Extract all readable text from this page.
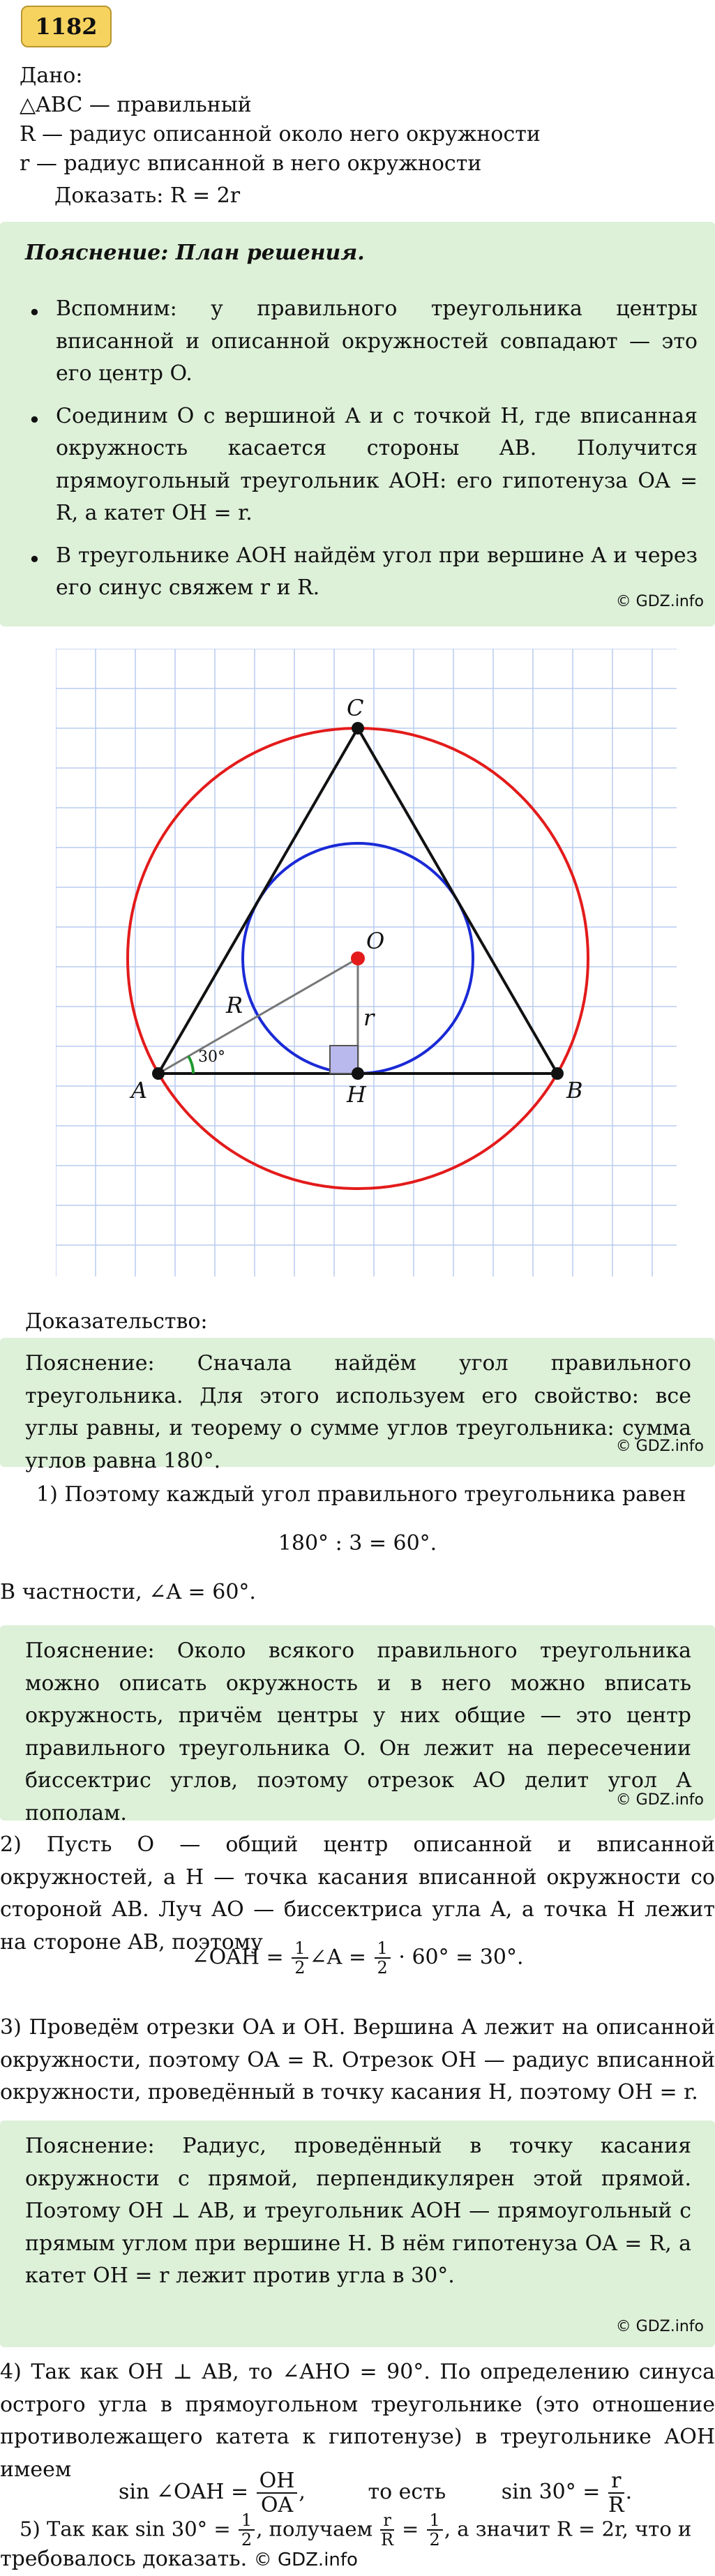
1182
Дано:
△ABC — правильный
R — радиус описанной около него окружности
r — радиус вписанной в него окружности
Доказать: R = 2r
Пояснение: План решения.
• Вспомним: у правильного треугольника центры вписанной и описанной окружностей совпадают — это его центр O.
• Соединим O с вершиной A и с точкой H, где вписанная окружность касается стороны AB. Получится прямоугольный треугольник AOH: его гипотенуза OA = R, а катет OH = r.
• В треугольнике AOH найдём угол при вершине A и через его синус свяжем r и R.
© GDZ.info
A	B
C
O
H
R	r
30°
Доказательство:
Пояснение: Сначала найдём угол правильного треугольника. Для этого используем его свойство: все углы равны, и теорему о сумме углов треугольника: сумма углов равна 180°.
© GDZ.info
1) Поэтому каждый угол правильного треугольника равен
180° : 3 = 60°.
В частности, ∠A = 60°.
Пояснение: Около всякого правильного треугольника можно описать окружность и в него можно вписать окружность, причём центры у них общие — это центр правильного треугольника O. Он лежит на пересечении биссектрис углов, поэтому отрезок AO делит угол A пополам.
© GDZ.info
2) Пусть O — общий центр описанной и вписанной окружностей, а H — точка касания вписанной окружности со стороной AB. Луч AO — биссектриса угла A, а точка H лежит на стороне AB, поэтому
∠OAH = $\frac{1}{2}$ ∠A = $\frac{1}{2} \cdot 60^\circ = 30^\circ$.
3) Проведём отрезки OA и OH. Вершина A лежит на описанной окружности, поэтому OA = R. Отрезок OH — радиус вписанной окружности, проведённый в точку касания H, поэтому OH = r.
Пояснение: Радиус, проведённый в точку касания окружности с прямой, перпендикулярен этой прямой. Поэтому OH ⊥ AB, и треугольник AOH — прямоугольный с прямым углом при вершине H. В нём гипотенуза OA = R, а катет OH = r лежит против угла в 30°.
© GDZ.info
4) Так как OH ⊥ AB, то ∠AHO = 90°. По определению синуса острого угла в прямоугольном треугольнике (это отношение противолежащего катета к гипотенузе) в треугольнике AOH имеем
sin ∠OAH = $\frac{OH}{OA}$ ,	то есть	$\sin 30^\circ = \frac{r}{R}$ .
5) Так как $\sin 30^\circ = \frac{1}{2}$ , получаем $\frac{r}{R} = \frac{1}{2}$ , а значит R = 2r, что и
требовалось доказать. © GDZ.info
